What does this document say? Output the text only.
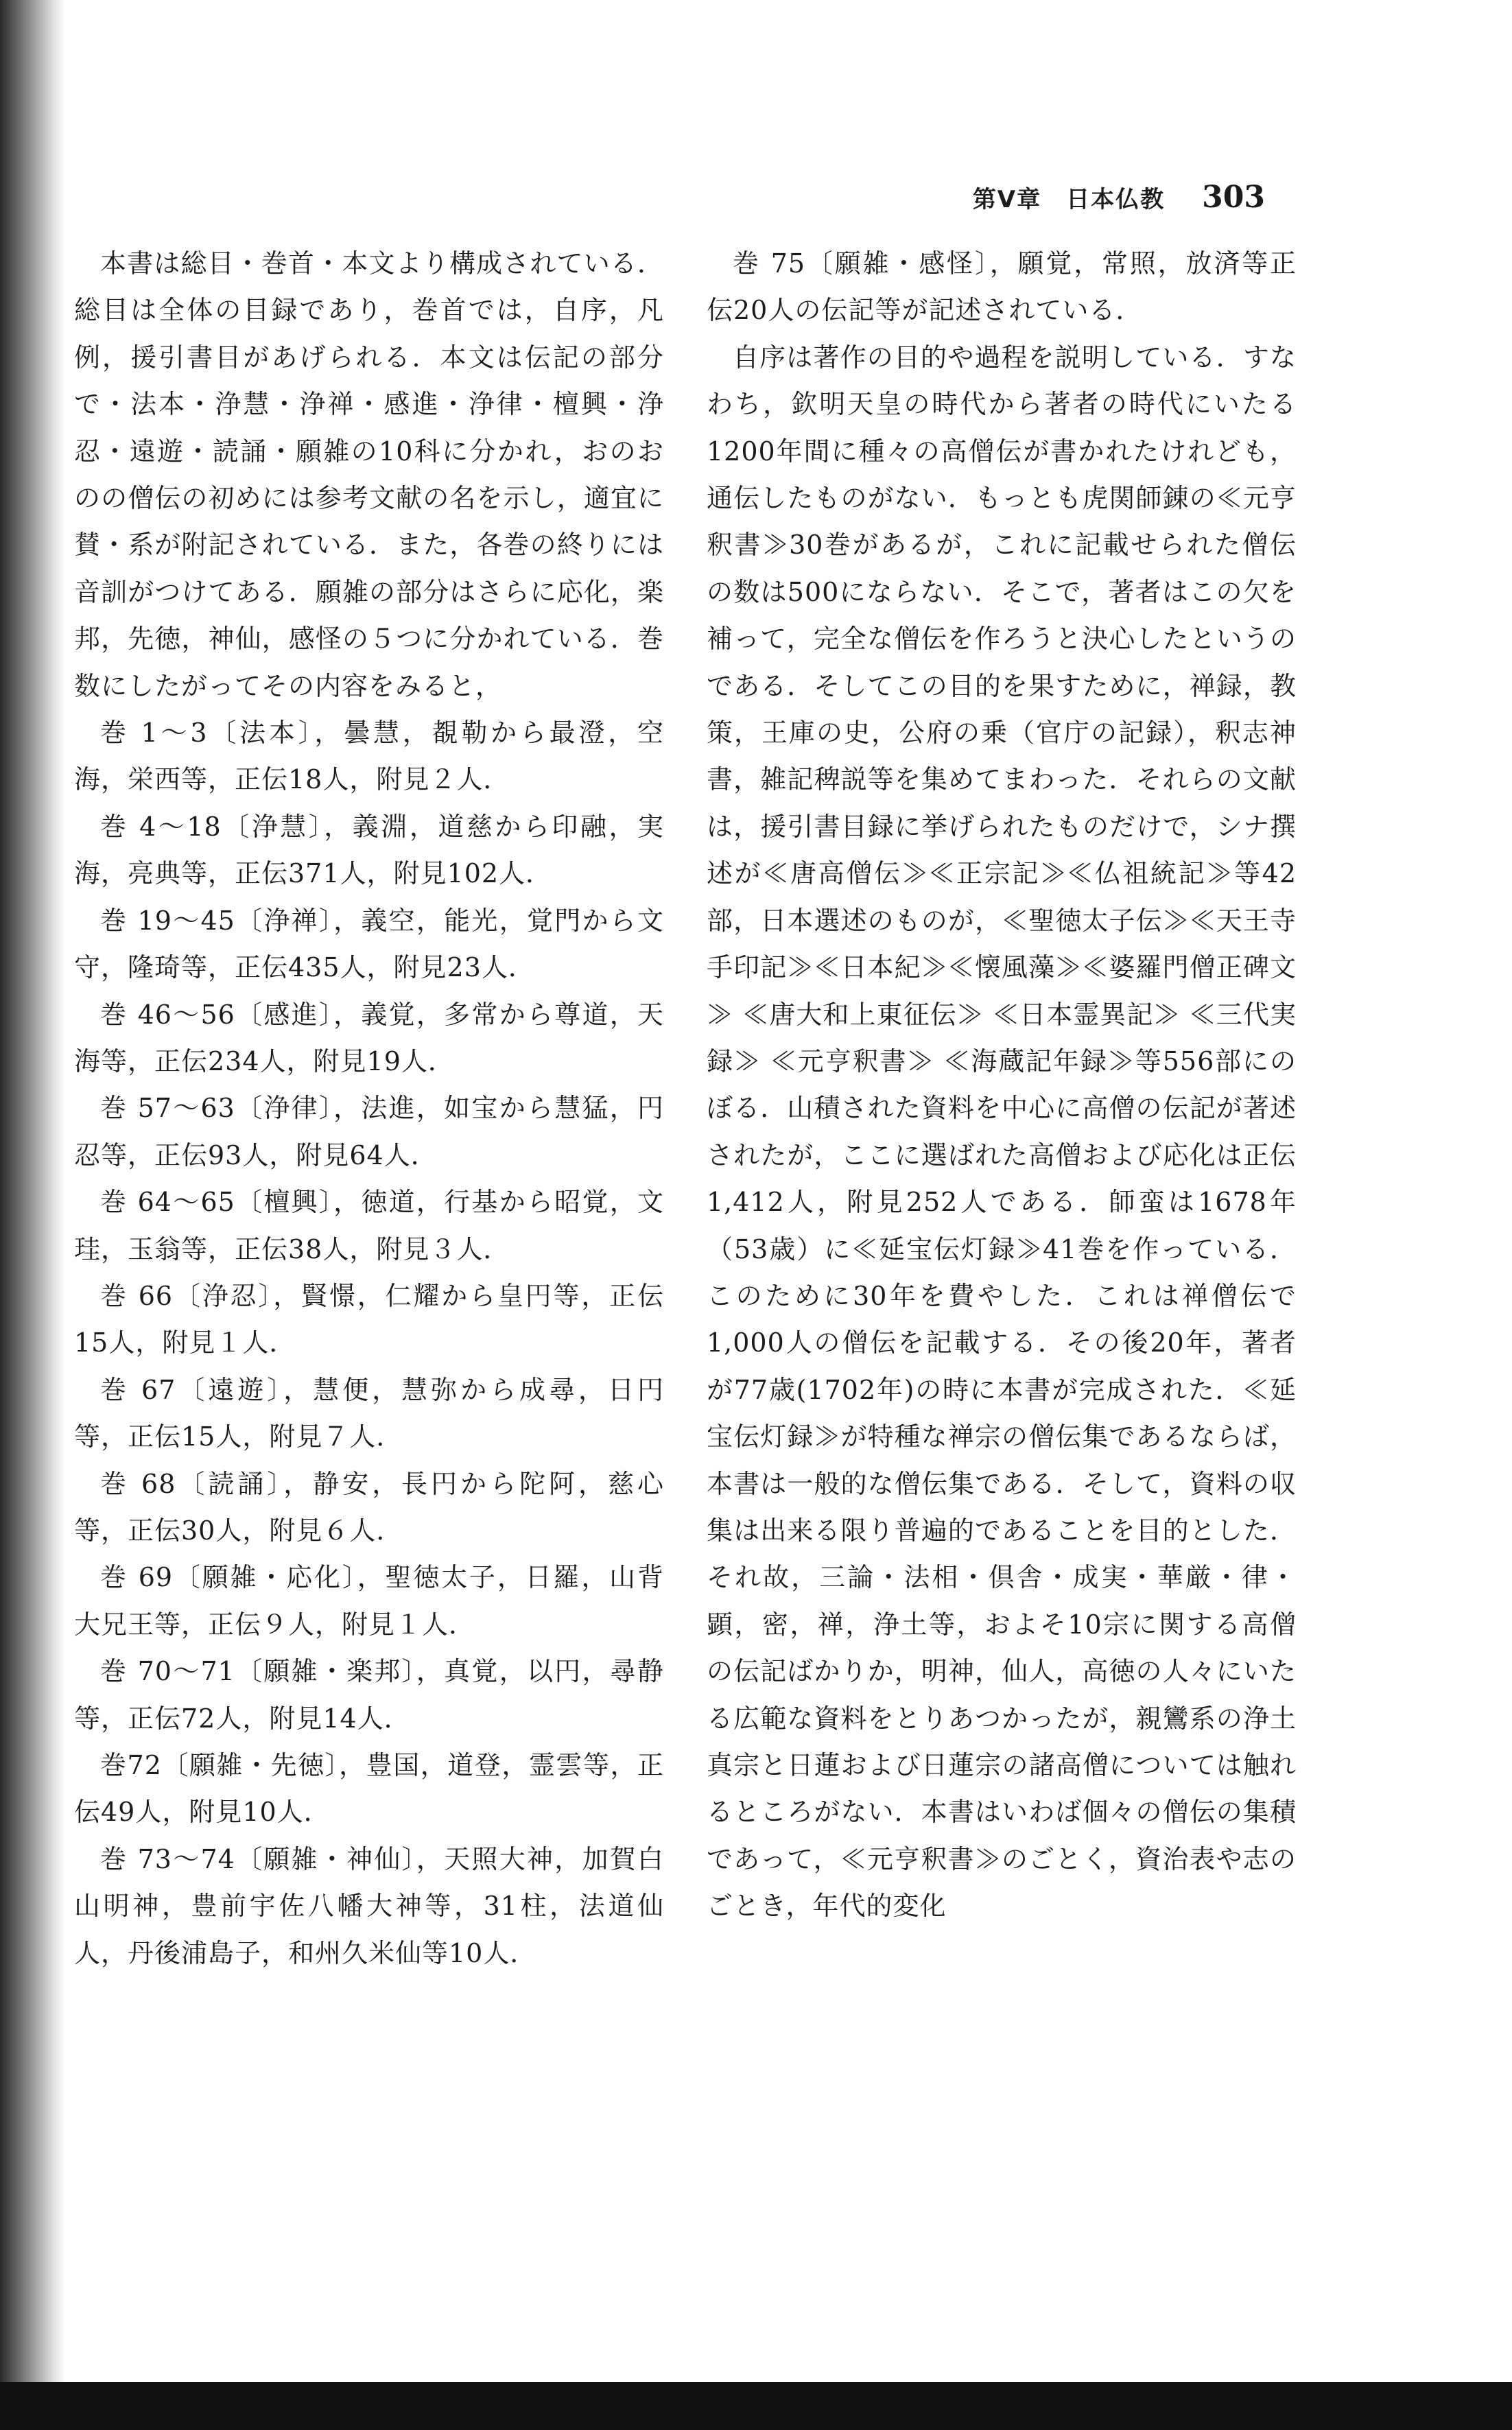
第V章　日本仏教 303

本書は総目・巻首・本文より構成されている．総目は全体の目録であり，巻首では，自序，凡例，援引書目があげられる．本文は伝記の部分で・法本・浄慧・浄禅・感進・浄律・檀興・浄忍・遠遊・読誦・願雑の10科に分かれ，おのおのの僧伝の初めには参考文献の名を示し，適宜に賛・系が附記されている．また，各巻の終りには音訓がつけてある．願雑の部分はさらに応化，楽邦，先徳，神仙，感怪の５つに分かれている．巻数にしたがってその内容をみると，

巻 1～3〔法本〕，曇慧，覩勒から最澄，空海，栄西等，正伝18人，附見２人．

巻 4～18〔浄慧〕，義淵，道慈から印融，実海，亮典等，正伝371人，附見102人．

巻 19～45〔浄禅〕，義空，能光，覚門から文守，隆琦等，正伝435人，附見23人．

巻 46～56〔感進〕，義覚，多常から尊道，天海等，正伝234人，附見19人．

巻 57～63〔浄律〕，法進，如宝から慧猛，円忍等，正伝93人，附見64人．

巻 64～65〔檀興〕，徳道，行基から昭覚，文珪，玉翁等，正伝38人，附見３人．

巻 66〔浄忍〕，賢憬，仁耀から皇円等，正伝15人，附見１人．

巻 67〔遠遊〕，慧便，慧弥から成尋，日円等，正伝15人，附見７人．

巻 68〔読誦〕，静安，長円から陀阿，慈心等，正伝30人，附見６人．

巻 69〔願雑・応化〕，聖徳太子，日羅，山背大兄王等，正伝９人，附見１人．

巻 70～71〔願雑・楽邦〕，真覚，以円，尋静等，正伝72人，附見14人．

巻72〔願雑・先徳〕，豊国，道登，霊雲等，正伝49人，附見10人．

巻 73～74〔願雑・神仙〕，天照大神，加賀白山明神，豊前宇佐八幡大神等，31柱，法道仙人，丹後浦島子，和州久米仙等10人．

巻 75〔願雑・感怪〕，願覚，常照，放済等正伝20人の伝記等が記述されている．

自序は著作の目的や過程を説明している．すなわち，欽明天皇の時代から著者の時代にいたる1200年間に種々の高僧伝が書かれたけれども，通伝したものがない．もっとも虎関師錬の≪元亨釈書≫30巻があるが，これに記載せられた僧伝の数は500にならない．そこで，著者はこの欠を補って，完全な僧伝を作ろうと決心したというのである．そしてこの目的を果すために，禅録，教策，王庫の史，公府の乗（官庁の記録），釈志神書，雑記稗説等を集めてまわった．それらの文献は，援引書目録に挙げられたものだけで，シナ撰述が≪唐高僧伝≫≪正宗記≫≪仏祖統記≫等42部，日本選述のものが，≪聖徳太子伝≫≪天王寺手印記≫≪日本紀≫≪懐風藻≫≪婆羅門僧正碑文≫ ≪唐大和上東征伝≫ ≪日本霊異記≫ ≪三代実録≫ ≪元亨釈書≫ ≪海蔵記年録≫等556部にのぼる．山積された資料を中心に高僧の伝記が著述されたが，ここに選ばれた高僧および応化は正伝1,412人，附見252人である．師蛮は1678年（53歳）に≪延宝伝灯録≫41巻を作っている．このために30年を費やした．これは禅僧伝で1,000人の僧伝を記載する．その後20年，著者が77歳(1702年)の時に本書が完成された．≪延宝伝灯録≫が特種な禅宗の僧伝集であるならば，本書は一般的な僧伝集である．そして，資料の収集は出来る限り普遍的であることを目的とした．それ故，三論・法相・倶舎・成実・華厳・律・顕，密，禅，浄土等，およそ10宗に関する高僧の伝記ばかりか，明神，仙人，高徳の人々にいたる広範な資料をとりあつかったが，親鸞系の浄土真宗と日蓮および日蓮宗の諸高僧については触れるところがない．本書はいわば個々の僧伝の集積であって，≪元亨釈書≫のごとく，資治表や志のごとき，年代的変化
